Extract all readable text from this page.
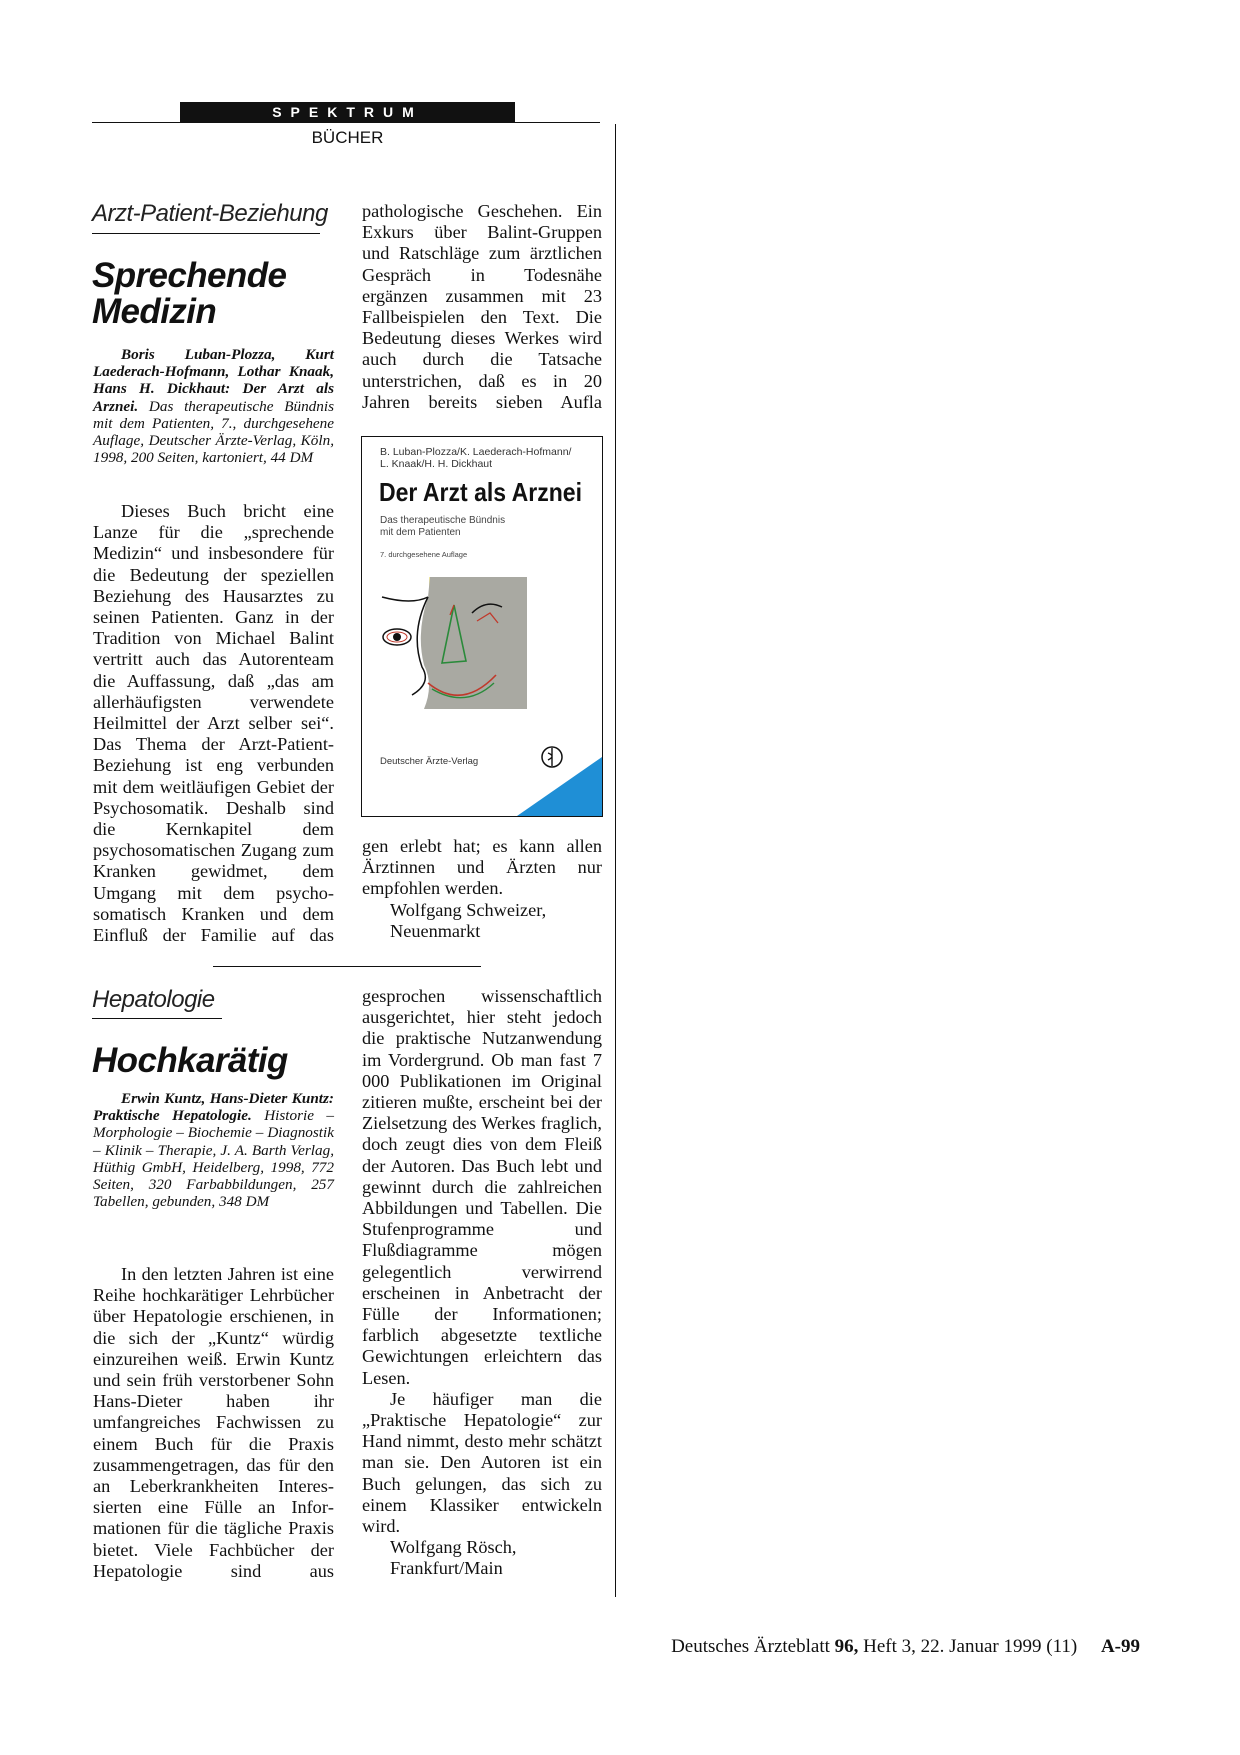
SPEKTRUM
BÜCHER
Arzt-Patient-Beziehung
Sprechende
Medizin
Boris Luban-Plozza, Kurt Laederach-Hofmann, Lothar Knaak, Hans H. Dickhaut: Der Arzt als Arznei. Das therapeutische Bündnis mit dem Patienten, 7., durchgesehene Auflage, Deutscher Ärzte-Verlag, Köln, 1998, 200 Seiten, kartoniert, 44 DM

Dieses Buch bricht eine Lanze für die „sprechende Medizin“ und insbesondere für die Bedeutung der speziellen Beziehung des Hausarztes zu seinen Patienten. Ganz in der Tradition von Michael Balint vertritt auch das Autorenteam die Auffassung, daß „das am allerhäufigsten verwendete Heilmittel der Arzt selber sei“. Das Thema der Arzt-Patient-Beziehung ist eng verbunden mit dem weitläufigen Gebiet der Psychosomatik. Deshalb sind die Kernkapitel dem psychosomatischen Zugang zum Kranken gewidmet, dem Umgang mit dem psychosomatisch Kranken und dem Einfluß der Familie auf das

pathologische Geschehen. Ein Exkurs über Balint-Gruppen und Ratschläge zum ärztlichen Gespräch in Todesnähe ergänzen zusammen mit 23 Fallbeispielen den Text. Die Bedeutung dieses Werkes wird auch durch die Tatsache unterstrichen, daß es in 20 Jahren bereits sieben Aufla

B. Luban-Plozza/K. Laederach-Hofmann/
L. Knaak/H. H. Dickhaut
Der Arzt als Arznei
Das therapeutische Bündnis
mit dem Patienten
7. durchgesehene Auflage
Deutscher Ärzte-Verlag

gen erlebt hat; es kann allen Ärztinnen und Ärzten nur empfohlen werden.

Wolfgang Schweizer,

Neuenmarkt

Hepatologie
Hochkarätig
Erwin Kuntz, Hans-Dieter Kuntz: Praktische Hepatologie. Historie – Morphologie – Biochemie – Diagnostik – Klinik – Therapie, J. A. Barth Verlag, Hüthig GmbH, Heidelberg, 1998, 772 Seiten, 320 Farbabbildungen, 257 Tabellen, gebunden, 348 DM

In den letzten Jahren ist eine Reihe hochkarätiger Lehrbücher über Hepatologie erschienen, in die sich der „Kuntz“ würdig einzureihen weiß. Erwin Kuntz und sein früh verstorbener Sohn Hans-Dieter haben ihr umfangreiches Fachwissen zu einem Buch für die Praxis zusammengetragen, das für den an Leberkrankheiten Interessierten eine Fülle an Informationen für die tägliche Praxis bietet. Viele Fachbücher der Hepatologie sind aus

gesprochen wissenschaftlich ausgerichtet, hier steht jedoch die praktische Nutzanwendung im Vordergrund. Ob man fast 7 000 Publikationen im Original zitieren mußte, erscheint bei der Zielsetzung des Werkes fraglich, doch zeugt dies von dem Fleiß der Autoren. Das Buch lebt und gewinnt durch die zahlreichen Abbildungen und Tabellen. Die Stufenprogramme und Flußdiagramme mögen gelegentlich verwirrend erscheinen in Anbetracht der Fülle der Informationen; farblich abgesetzte textliche Gewichtungen erleichtern das Lesen.

Je häufiger man die „Praktische Hepatologie“ zur Hand nimmt, desto mehr schätzt man sie. Den Autoren ist ein Buch gelungen, das sich zu einem Klassiker entwickeln wird.

Wolfgang Rösch,

Frankfurt/Main

Deutsches Ärzteblatt 96, Heft 3, 22. Januar 1999 (11) A-99
